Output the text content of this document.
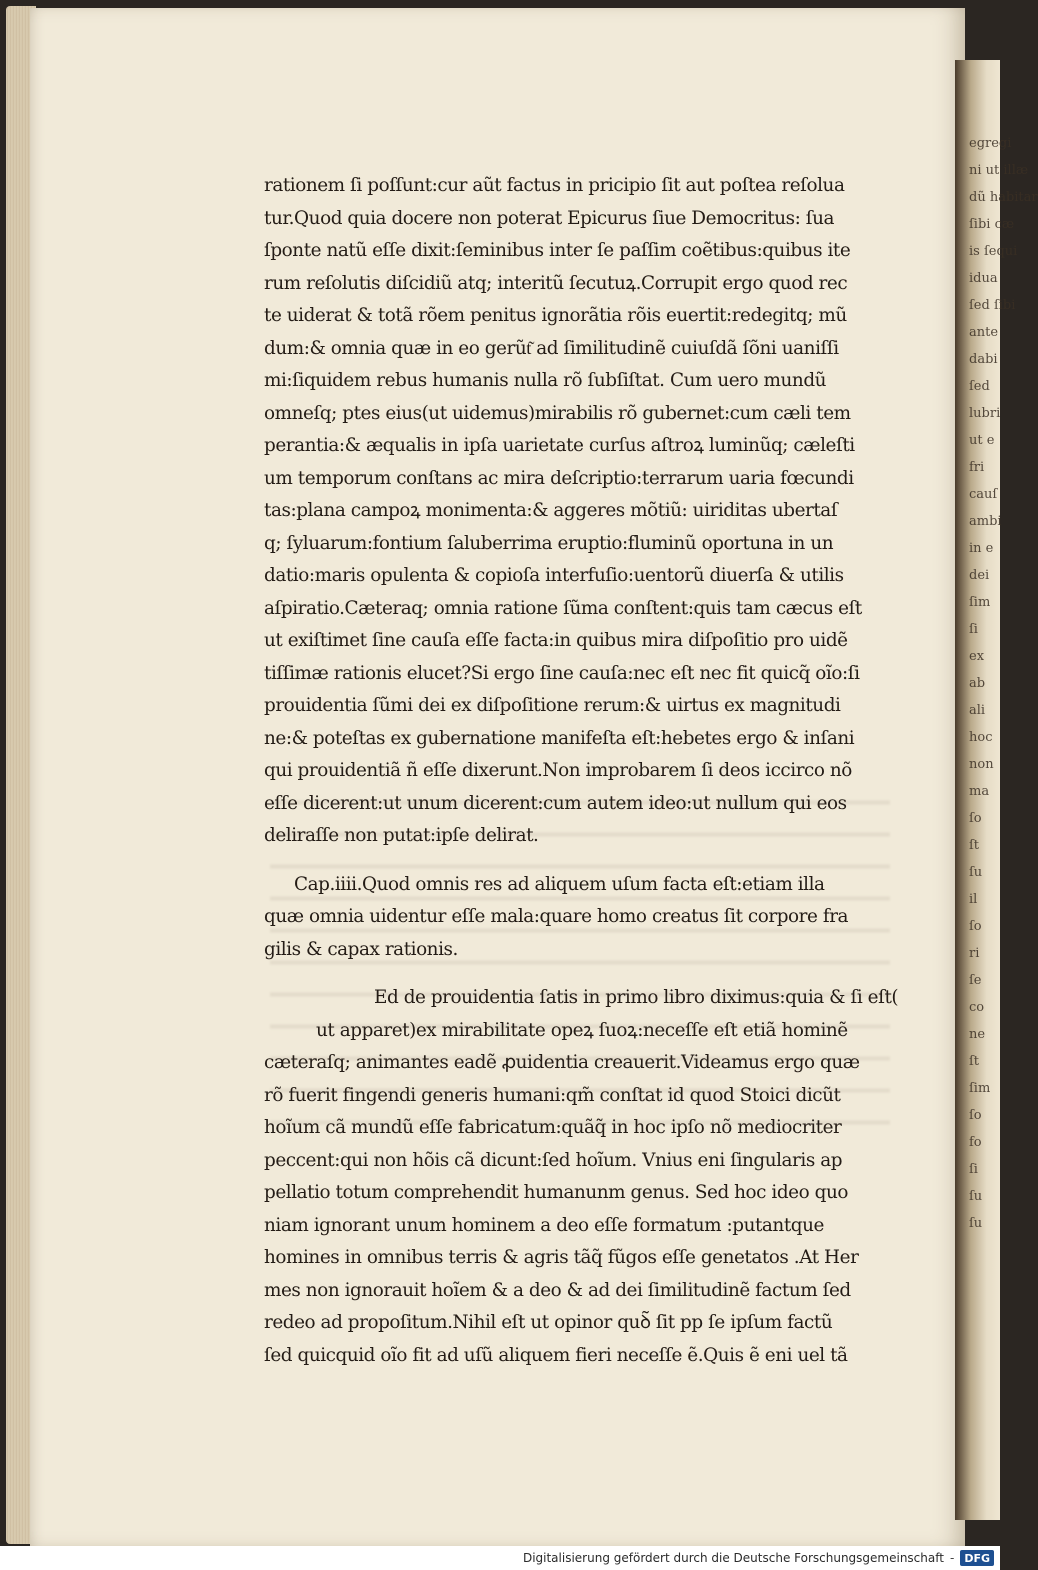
egregi
ni ut illæ
dũ habitar
ſibi cæ
is ſequi
idua
ſed ſibi
ante
dabi
ſed
lubri
ut e
fri
cauſ
ambi
in e
dei
ſim
ſi
ex
ab
ali
hoc
non
ma
ſo
ſt
ſu
il
ſo
ri
ſe
co
ne
ſt
ſim
ſo
fo
ſi
ſu
ſu
rationem ſi poſſunt:cur aũt factus in pricipio ſit aut poſtea reſolua
tur.Quod quia docere non poterat Epicurus ſiue Democritus: ſua
ſponte natũ eſſe dixit:ſeminibus inter ſe paſſim coẽtibus:quibus ite
rum reſolutis diſcidiũ atq; interitũ ſecutuꝝ.Corrupit ergo quod rec
te uiderat & totã rõem penitus ignorãtia rõis euertit:redegitq; mũ
dum:& omnia quæ in eo gerũt͂ ad ſimilitudinẽ cuiuſdã ſõni uaniſſi
mi:ſiquidem rebus humanis nulla rõ ſubſiſtat. Cum uero mundũ
omneſq; ptes eius(ut uidemus)mirabilis rõ gubernet:cum cæli tem
perantia:& æqualis in ipſa uarietate curſus aſtroꝝ luminũq; cæleſti
um temporum conſtans ac mira deſcriptio:terrarum uaria fœcundi
tas:plana campoꝝ monimenta:& aggeres mõtiũ: uiriditas ubertaſ
q; ſyluarum:fontium ſaluberrima eruptio:fluminũ oportuna in un
datio:maris opulenta & copioſa interfuſio:uentorũ diuerſa & utilis
aſpiratio.Cæteraq; omnia ratione ſũma conſtent:quis tam cæcus eſt
ut exiſtimet ſine cauſa eſſe facta:in quibus mira diſpoſitio pro uidẽ
tiſſimæ rationis elucet?Si ergo ſine cauſa:nec eſt nec fit quicq̃ oĩo:ſi
prouidentia ſũmi dei ex diſpoſitione rerum:& uirtus ex magnitudi
ne:& poteſtas ex gubernatione manifeſta eſt:hebetes ergo & inſani
qui prouidentiã ñ eſſe dixerunt.Non improbarem ſi deos iccirco nõ
eſſe dicerent:ut unum dicerent:cum autem ideo:ut nullum qui eos
deliraſſe non putat:ipſe delirat.
Cap.iiii.Quod omnis res ad aliquem uſum facta eſt:etiam illa
quæ omnia uidentur eſſe mala:quare homo creatus ſit corpore fra
gilis & capax rationis.
Ed de prouidentia ſatis in primo libro diximus:quia & ſi eſt(
ut apparet)ex mirabilitate opeꝝ ſuoꝝ:neceſſe eſt etiã hominẽ
cæteraſq; animantes eadẽ ꝓuidentia creauerit.Videamus ergo quæ
rõ fuerit fingendi generis humani:qm̃ conſtat id quod Stoici dicũt
hoĩum cã mundũ eſſe fabricatum:quãq̃ in hoc ipſo nõ mediocriter
peccent:qui non hõis cã dicunt:ſed hoĩum. Vnius eni ſingularis ap
pellatio totum comprehendit humanunm genus. Sed hoc ideo quo
niam ignorant unum hominem a deo eſſe formatum :putantque
homines in omnibus terris & agris tãq̃ fũgos eſſe genetatos .At Her
mes non ignorauit hoĩem & a deo & ad dei ſimilitudinẽ factum ſed
redeo ad propoſitum.Nihil eſt ut opinor quꝺ͂ ſit pp ſe ipſum factũ
ſed quicquid oĩo fit ad uſũ aliquem fieri neceſſe ẽ.Quis ẽ eni uel tã
Digitalisierung gefördert durch die Deutsche Forschungsgemeinschaft - DFG
